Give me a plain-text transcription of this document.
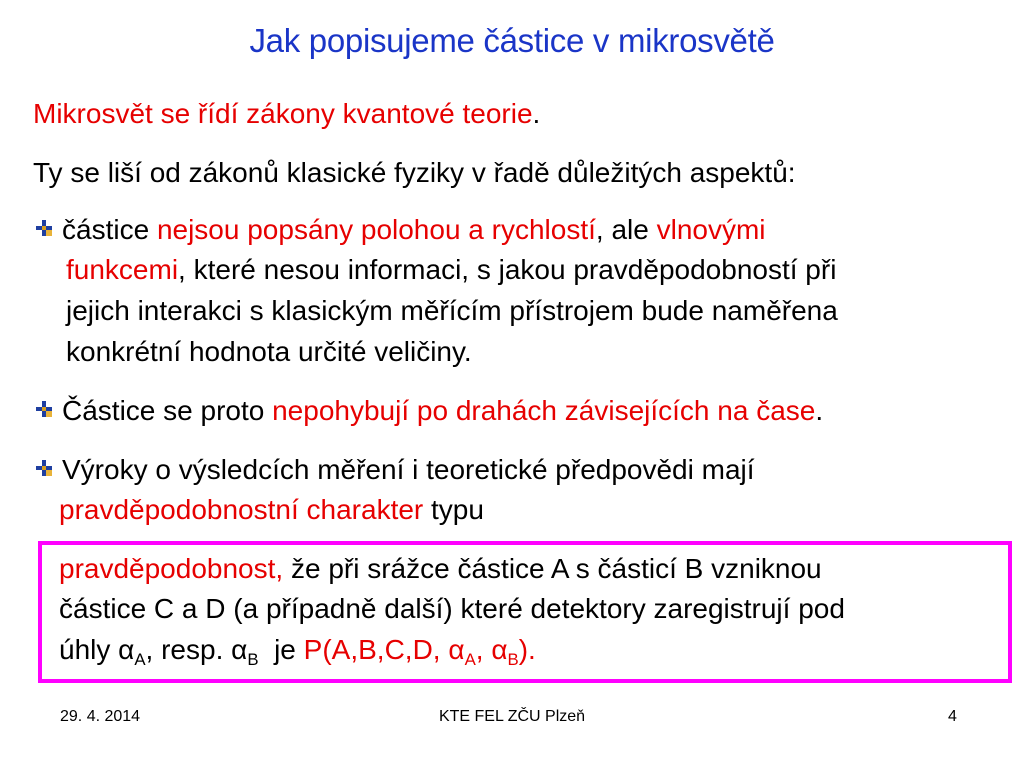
Jak popisujeme částice v mikrosvětě
Mikrosvět se řídí zákony kvantové teorie.
Ty se liší od zákonů klasické fyziky v řadě důležitých aspektů:
částice nejsou popsány polohou a rychlostí, ale vlnovými
funkcemi, které nesou informaci, s jakou pravděpodobností při
jejich interakci s klasickým měřícím přístrojem bude naměřena
konkrétní hodnota určité veličiny.
Částice se proto nepohybují po drahách závisejících na čase.
Výroky o výsledcích měření i teoretické předpovědi mají
pravděpodobnostní charakter typu
pravděpodobnost, že při srážce částice A s částicí B vzniknou
částice C a D (a případně další) které detektory zaregistrují pod
úhly $\alpha_A$, resp. $\alpha_B$  je P(A,B,C,D, $\alpha_A$, $\alpha_B$).
29. 4. 2014	KTE FEL ZČU Plzeň	4
